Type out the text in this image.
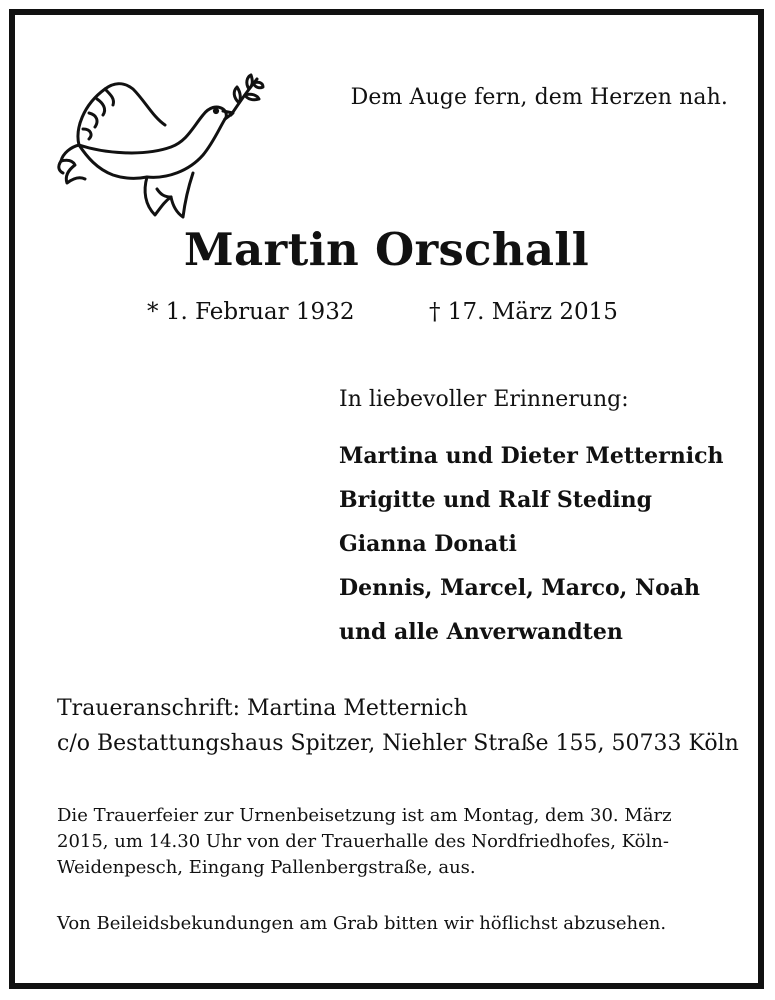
Dem Auge fern, dem Herzen nah.
Martin Orschall
* 1. Februar 1932	† 17. März 2015
In liebevoller Erinnerung:
Martina und Dieter Metternich
Brigitte und Ralf Steding
Gianna Donati
Dennis, Marcel, Marco, Noah
und alle Anverwandten
Traueranschrift: Martina Metternich
c/o Bestattungshaus Spitzer, Niehler Straße 155, 50733 Köln
Die Trauerfeier zur Urnenbeisetzung ist am Montag, dem 30. März 2015, um 14.30 Uhr von der Trauerhalle des Nordfriedhofes, Köln-Weidenpesch, Eingang Pallenbergstraße, aus.
Von Beileidsbekundungen am Grab bitten wir höflichst abzusehen.
